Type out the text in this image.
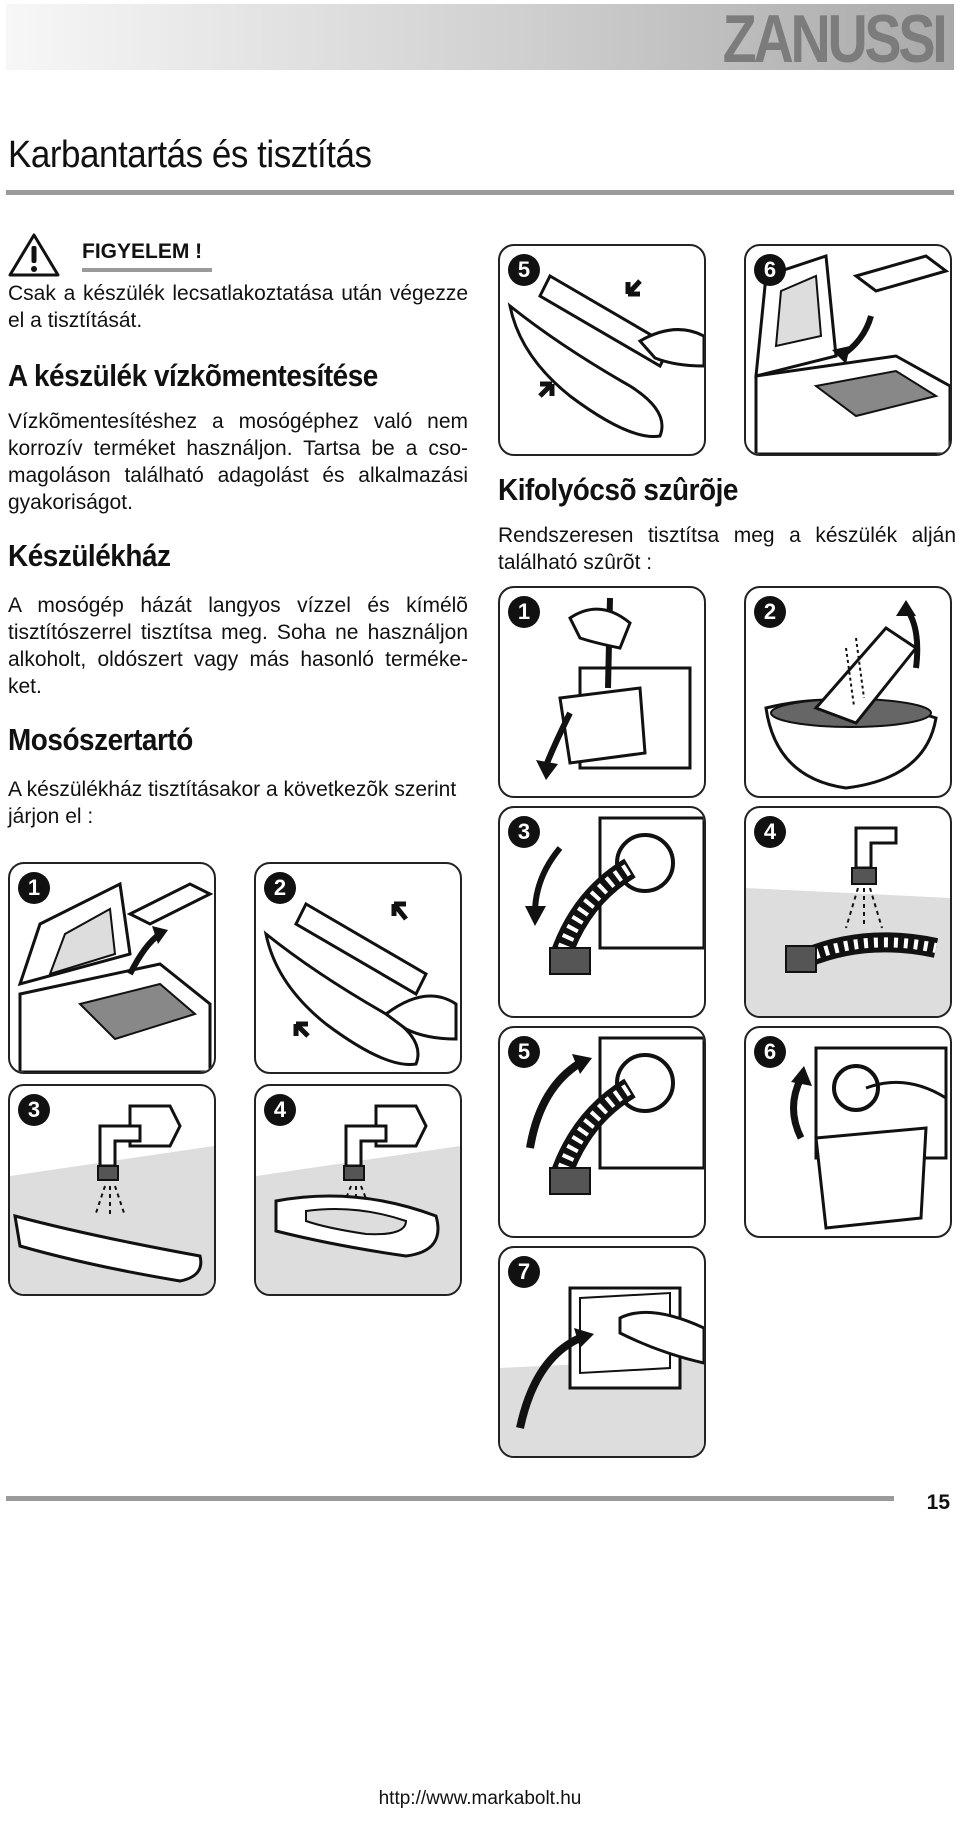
ZANUSSI
Karbantartás és tisztítás
FIGYELEM !

Csak a készülék lecsatlakoztatása után végezze el a tisztítását.

A készülék vízkõmentesítése

Vízkõmentesítéshez a mosógéphez való nem korrozív terméket használjon. Tartsa be a cso-magoláson található adagolást és alkalmazási gyakoriságot.

Készülékház

A mosógép házát langyos vízzel és kímélõ tisztítószerrel tisztítsa meg. Soha ne használjon alkoholt, oldószert vagy más hasonló terméke-ket.

Mosószertartó

A készülékház tisztításakor a következõk szerint járjon el :

Kifolyócsõ szûrõje

Rendszeresen tisztítsa meg a készülék alján található szûrõt :

1	2
3	4
5	6
1	2
3	4
5	6
7
15
http://www.markabolt.hu
